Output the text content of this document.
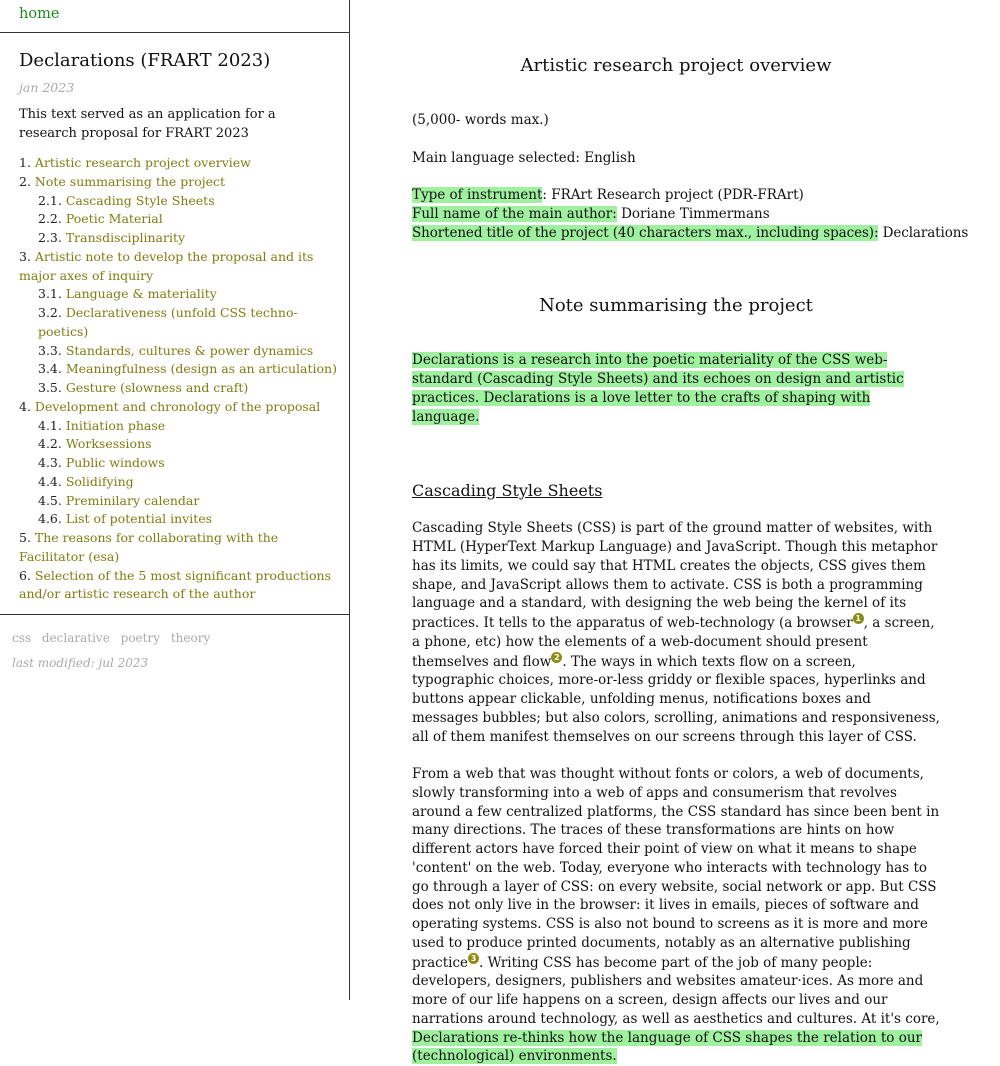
home
Declarations (FRART 2023)
jan 2023
This text served as an application for a research proposal for FRART 2023
1. Artistic research project overview
2. Note summarising the project
2.1. Cascading Style Sheets
2.2. Poetic Material
2.3. Transdisciplinarity
3. Artistic note to develop the proposal and its major axes of inquiry
3.1. Language & materiality
3.2. Declarativeness (unfold CSS techno-poetics)
3.3. Standards, cultures & power dynamics
3.4. Meaningfulness (design as an articulation)
3.5. Gesture (slowness and craft)
4. Development and chronology of the proposal
4.1. Initiation phase
4.2. Worksessions
4.3. Public windows
4.4. Solidifying
4.5. Preminilary calendar
4.6. List of potential invites
5. The reasons for collaborating with the Facilitator (esa)
6. Selection of the 5 most significant productions and/or artistic research of the author
css declarative poetry theory
last modified: jul 2023
Artistic research project overview

(5,000- words max.)

Main language selected: English

Type of instrument: FRArt Research project (PDR-FRArt)

Full name of the main author: Doriane Timmermans

Shortened title of the project (40 characters max., including spaces): Declarations

Note summarising the project

Declarations is a research into the poetic materiality of the CSS web-standard (Cascading Style Sheets) and its echoes on design and artistic practices. Declarations is a love letter to the crafts of shaping with language.

Cascading Style Sheets

Cascading Style Sheets (CSS) is part of the ground matter of websites, with HTML (HyperText Markup Language) and JavaScript. Though this metaphor has its limits, we could say that HTML creates the objects, CSS gives them shape, and JavaScript allows them to activate. CSS is both a programming language and a standard, with designing the web being the kernel of its practices. It tells to the apparatus of web-technology (a browser 1 , a screen, a phone, etc) how the elements of a web-document should present themselves and flow 2 . The ways in which texts flow on a screen, typographic choices, more-or-less griddy or flexible spaces, hyperlinks and buttons appear clickable, unfolding menus, notifications boxes and messages bubbles; but also colors, scrolling, animations and responsiveness, all of them manifest themselves on our screens through this layer of CSS.

From a web that was thought without fonts or colors, a web of documents, slowly transforming into a web of apps and consumerism that revolves around a few centralized platforms, the CSS standard has since been bent in many directions. The traces of these transformations are hints on how different actors have forced their point of view on what it means to shape 'content' on the web. Today, everyone who interacts with technology has to go through a layer of CSS: on every website, social network or app. But CSS does not only live in the browser: it lives in emails, pieces of software and operating systems. CSS is also not bound to screens as it is more and more used to produce printed documents, notably as an alternative publishing practice 3 . Writing CSS has become part of the job of many people: developers, designers, publishers and websites amateur·ices. As more and more of our life happens on a screen, design affects our lives and our narrations around technology, as well as aesthetics and cultures. At it's core, Declarations re-thinks how the language of CSS shapes the relation to our (technological) environments.
